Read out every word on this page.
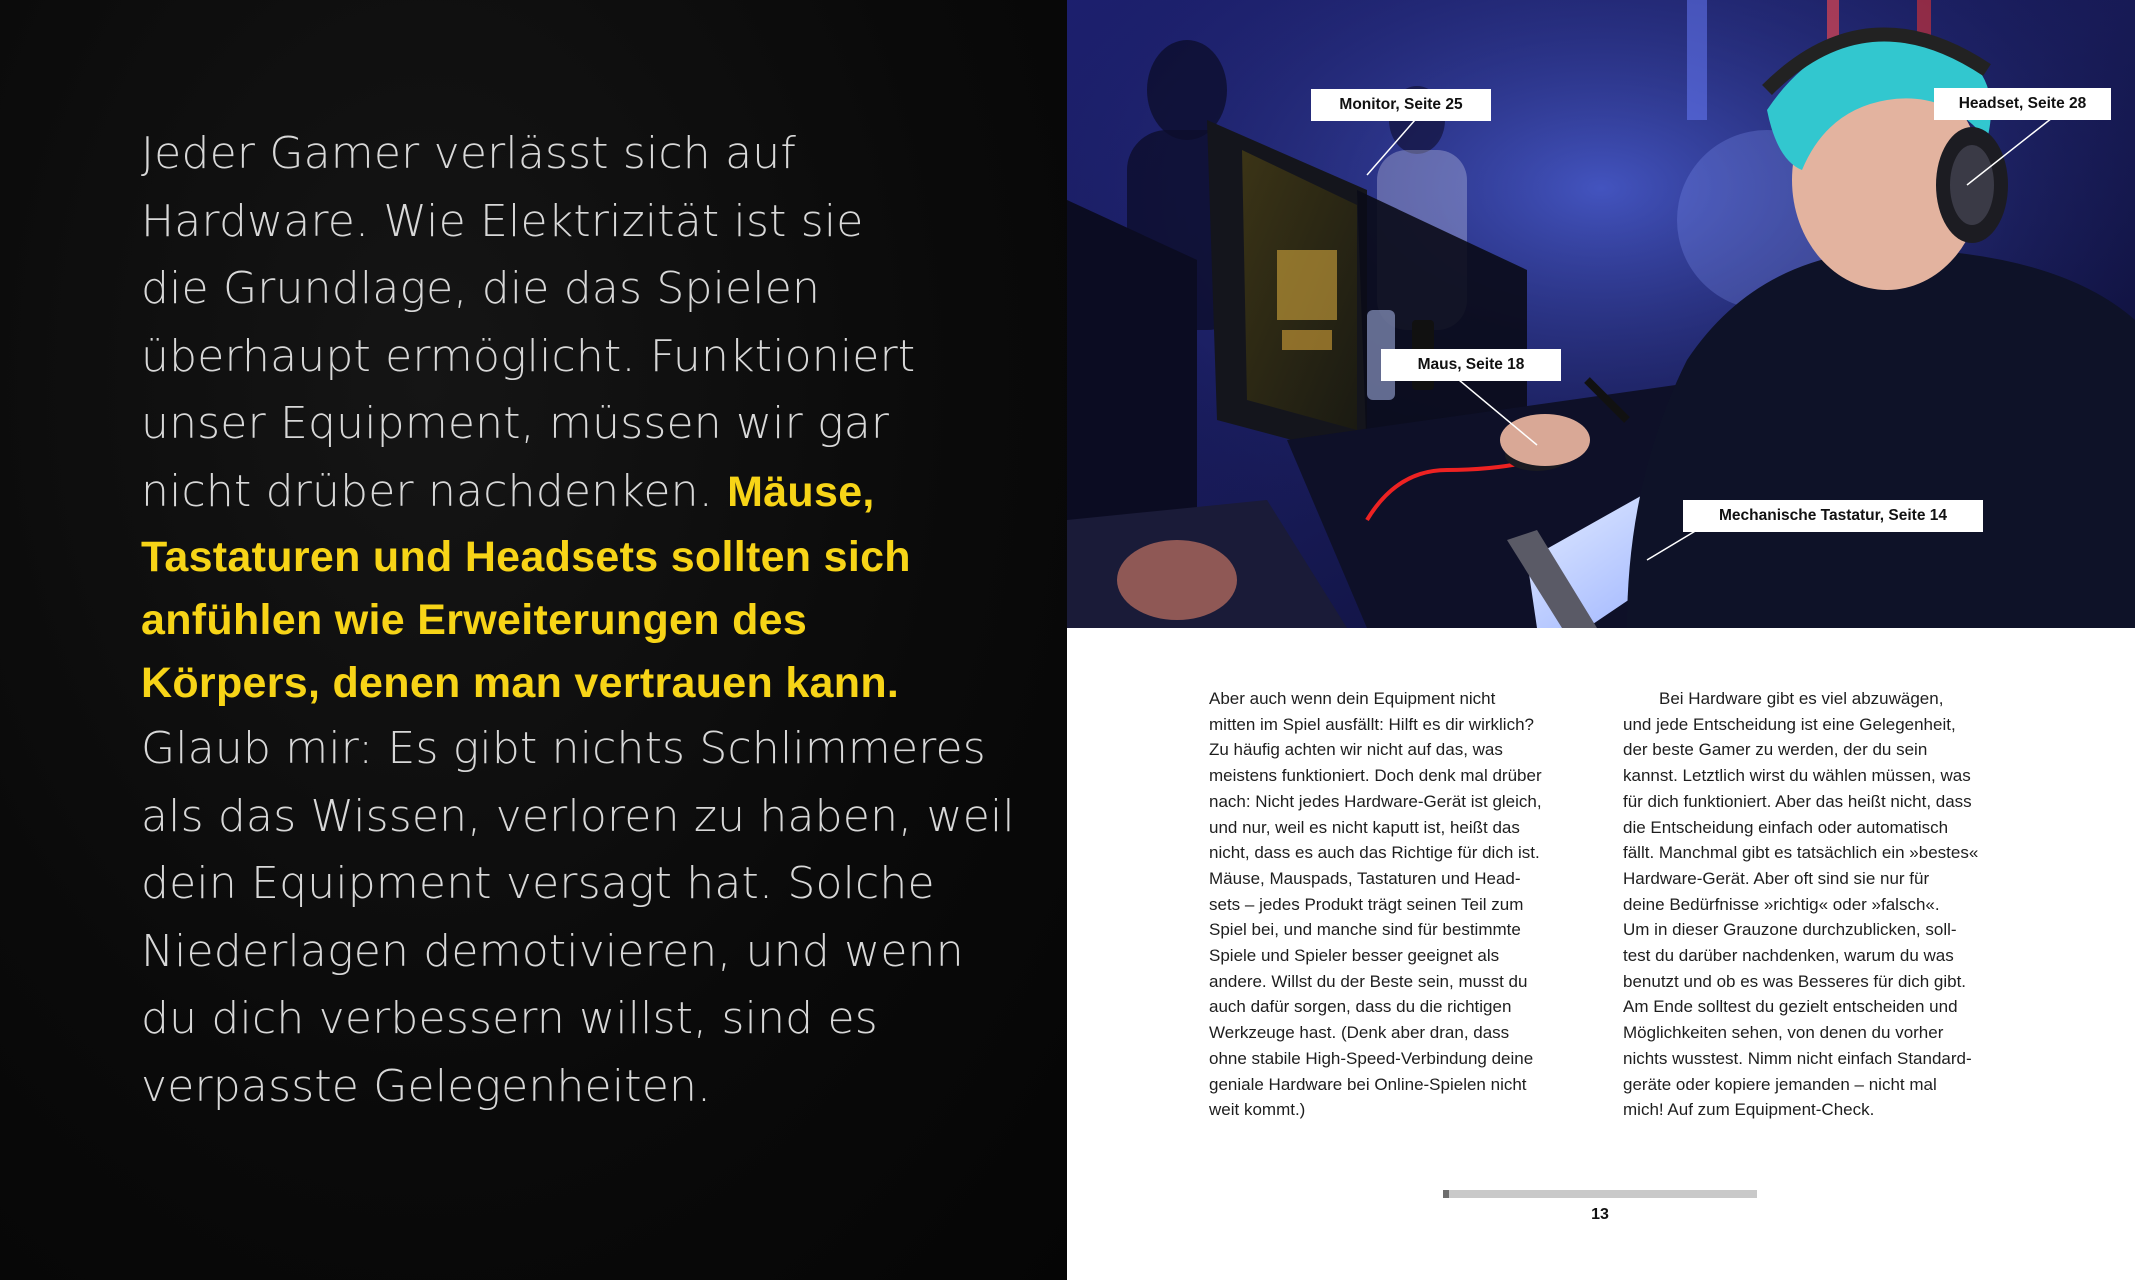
Jeder Gamer verlässt sich auf
Hardware. Wie Elektrizität ist sie
die Grundlage, die das Spielen
überhaupt ermöglicht. Funktioniert
unser Equipment, müssen wir gar
nicht drüber nachdenken. Mäuse,
Tastaturen und Headsets sollten sich
anfühlen wie Erweiterungen des
Körpers, denen man vertrauen kann.
Glaub mir: Es gibt nichts Schlimmeres
als das Wissen, verloren zu haben, weil
dein Equipment versagt hat. Solche
Niederlagen demotivieren, und wenn
du dich verbessern willst, sind es
verpasste Gelegenheiten.
Monitor, Seite 25	Headset, Seite 28
Maus, Seite 18
Mechanische Tastatur, Seite 14
Aber auch wenn dein Equipment nicht
mitten im Spiel ausfällt: Hilft es dir wirklich?
Zu häufig achten wir nicht auf das, was
meistens funktioniert. Doch denk mal drüber
nach: Nicht jedes Hardware-Gerät ist gleich,
und nur, weil es nicht kaputt ist, heißt das
nicht, dass es auch das Richtige für dich ist.
Mäuse, Mauspads, Tastaturen und Head-
sets – jedes Produkt trägt seinen Teil zum
Spiel bei, und manche sind für bestimmte
Spiele und Spieler besser geeignet als
andere. Willst du der Beste sein, musst du
auch dafür sorgen, dass du die richtigen
Werkzeuge hast. (Denk aber dran, dass
ohne stabile High-Speed-Verbindung deine
geniale Hardware bei Online-Spielen nicht
weit kommt.)
Bei Hardware gibt es viel abzuwägen,
und jede Entscheidung ist eine Gelegenheit,
der beste Gamer zu werden, der du sein
kannst. Letztlich wirst du wählen müssen, was
für dich funktioniert. Aber das heißt nicht, dass
die Entscheidung einfach oder automatisch
fällt. Manchmal gibt es tatsächlich ein »bestes«
Hardware-Gerät. Aber oft sind sie nur für
deine Bedürfnisse »richtig« oder »falsch«.
Um in dieser Grauzone durchzublicken, soll-
test du darüber nachdenken, warum du was
benutzt und ob es was Besseres für dich gibt.
Am Ende solltest du gezielt entscheiden und
Möglichkeiten sehen, von denen du vorher
nichts wusstest. Nimm nicht einfach Standard-
geräte oder kopiere jemanden – nicht mal
mich! Auf zum Equipment-Check.
13
